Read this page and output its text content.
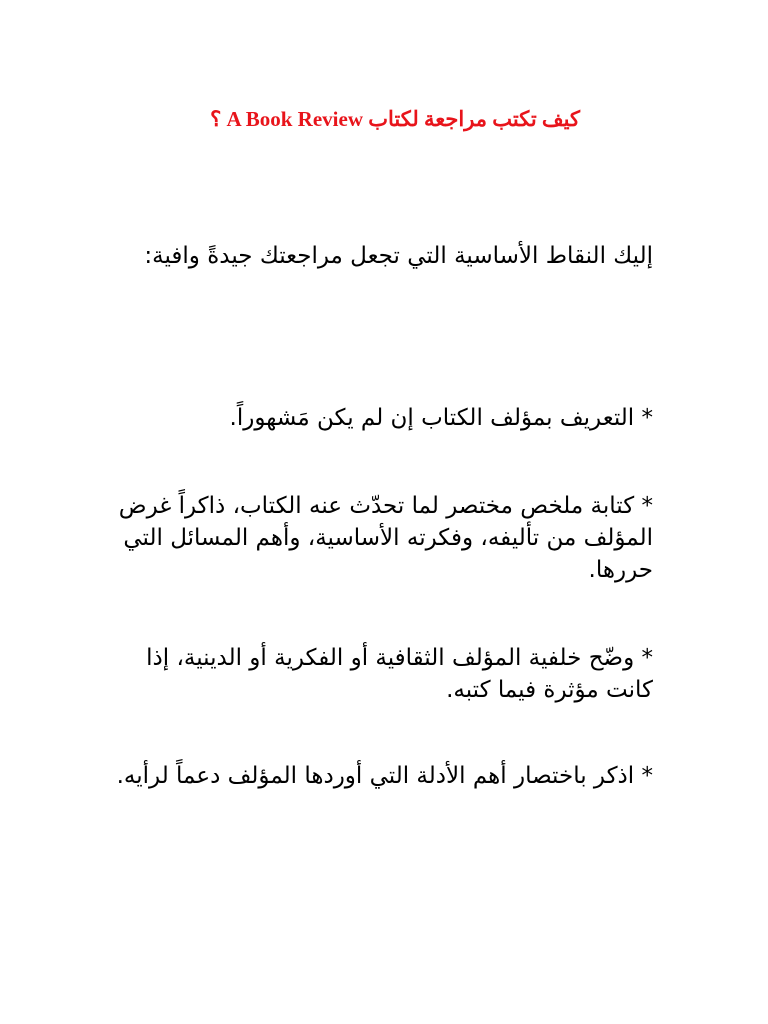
كيف تكتب مراجعة لكتاب A Book Review ؟
إليك النقاط الأساسية التي تجعل مراجعتك جيدةً وافية:
* التعريف بمؤلف الكتاب إن لم يكن مَشهوراً.
* كتابة ملخص مختصر لما تحدّث عنه الكتاب، ذاكراً غرض المؤلف من تأليفه، وفكرته الأساسية، وأهم المسائل التي حررها.
* وضّح خلفية المؤلف الثقافية أو الفكرية أو الدينية، إذا كانت مؤثرة فيما كتبه.
* اذكر باختصار أهم الأدلة التي أوردها المؤلف دعماً لرأيه.
